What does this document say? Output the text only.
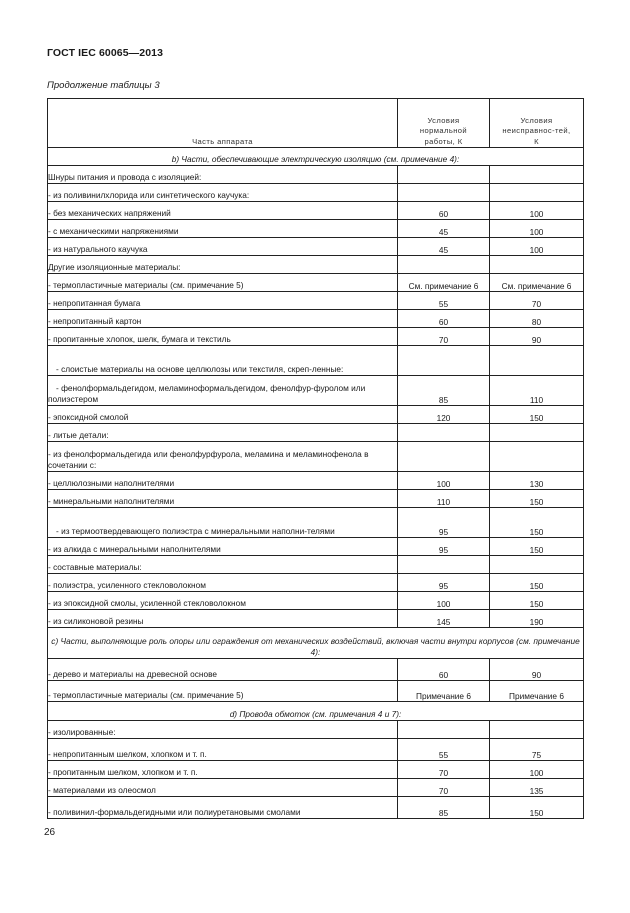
ГОСТ IEC 60065—2013
Продолжение таблицы 3
Часть аппарата	Условия нормальной работы, К	Условия неисправнос-тей, К
b) Части, обеспечивающие электрическую изоляцию (см. примечание 4):		
Шнуры питания и провода с изоляцией:		
- из поливинилхлорида или синтетического каучука:		
- без механических напряжений	60	100
- с механическими напряжениями	45	100
- из натурального каучука	45	100
Другие изоляционные материалы:		
- термопластичные материалы (см. примечание 5)	См. примечание 6	См. примечание 6
- непропитанная бумага	55	70
- непропитанный картон	60	80
- пропитанные хлопок, шелк, бумага и текстиль	70	90
- слоистые материалы на основе целлюлозы или текстиля, скреп-ленные:		
- фенолформальдегидом, меламиноформальдегидом, фенолфур-фуролом или полиэстером	85	110
- эпоксидной смолой	120	150
- литые детали:		
- из фенолформальдегида или фенолфурфурола, меламина и меламинофенола в сочетании с:		
- целлюлозными наполнителями	100	130
- минеральными наполнителями	110	150
- из термоотвердевающего полиэстра с минеральными наполни-телями	95	150
- из алкида с минеральными наполнителями	95	150
- составные материалы:		
- полиэстра, усиленного стекловолокном	95	150
- из эпоксидной смолы, усиленной стекловолокном	100	150
- из силиконовой резины	145	190
c) Части, выполняющие роль опоры или ограждения от механических воздействий, включая части внутри корпусов (см. примечание 4):		
- дерево и материалы на древесной основе	60	90
- термопластичные материалы (см. примечание 5)	Примечание 6	Примечание 6
d) Провода обмоток (см. примечания 4 и 7):		
- изолированные:		
- непропитанным шелком, хлопком и т. п.	55	75
- пропитанным шелком, хлопком и т. п.	70	100
- материалами из олеосмол	70	135
- поливинил-формальдегидными или полиуретановыми смолами	85	150
26
